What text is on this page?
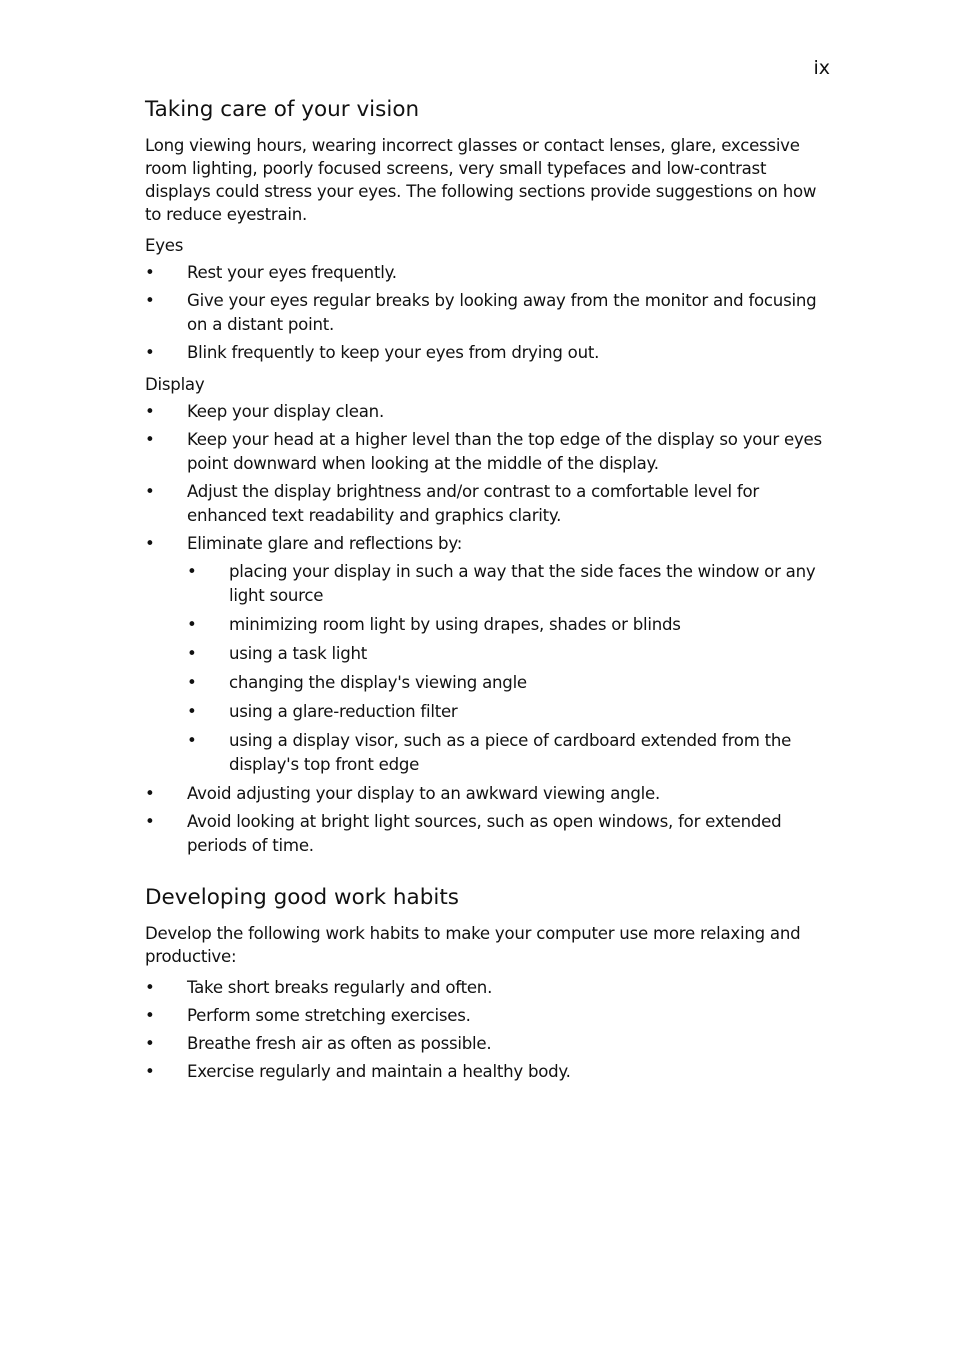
ix
Taking care of your vision

Long viewing hours, wearing incorrect glasses or contact lenses, glare, excessive room lighting, poorly focused screens, very small typefaces and low-contrast displays could stress your eyes. The following sections provide suggestions on how to reduce eyestrain.

Eyes
• Rest your eyes frequently.
• Give your eyes regular breaks by looking away from the monitor and focusing on a distant point.
• Blink frequently to keep your eyes from drying out.
Display
• Keep your display clean.
• Keep your head at a higher level than the top edge of the display so your eyes point downward when looking at the middle of the display.
• Adjust the display brightness and/or contrast to a comfortable level for enhanced text readability and graphics clarity.
• Eliminate glare and reflections by:
• placing your display in such a way that the side faces the window or any light source
• minimizing room light by using drapes, shades or blinds
• using a task light
• changing the display's viewing angle
• using a glare-reduction filter
• using a display visor, such as a piece of cardboard extended from the display's top front edge
• Avoid adjusting your display to an awkward viewing angle.
• Avoid looking at bright light sources, such as open windows, for extended periods of time.
Developing good work habits

Develop the following work habits to make your computer use more relaxing and productive:

• Take short breaks regularly and often.
• Perform some stretching exercises.
• Breathe fresh air as often as possible.
• Exercise regularly and maintain a healthy body.
